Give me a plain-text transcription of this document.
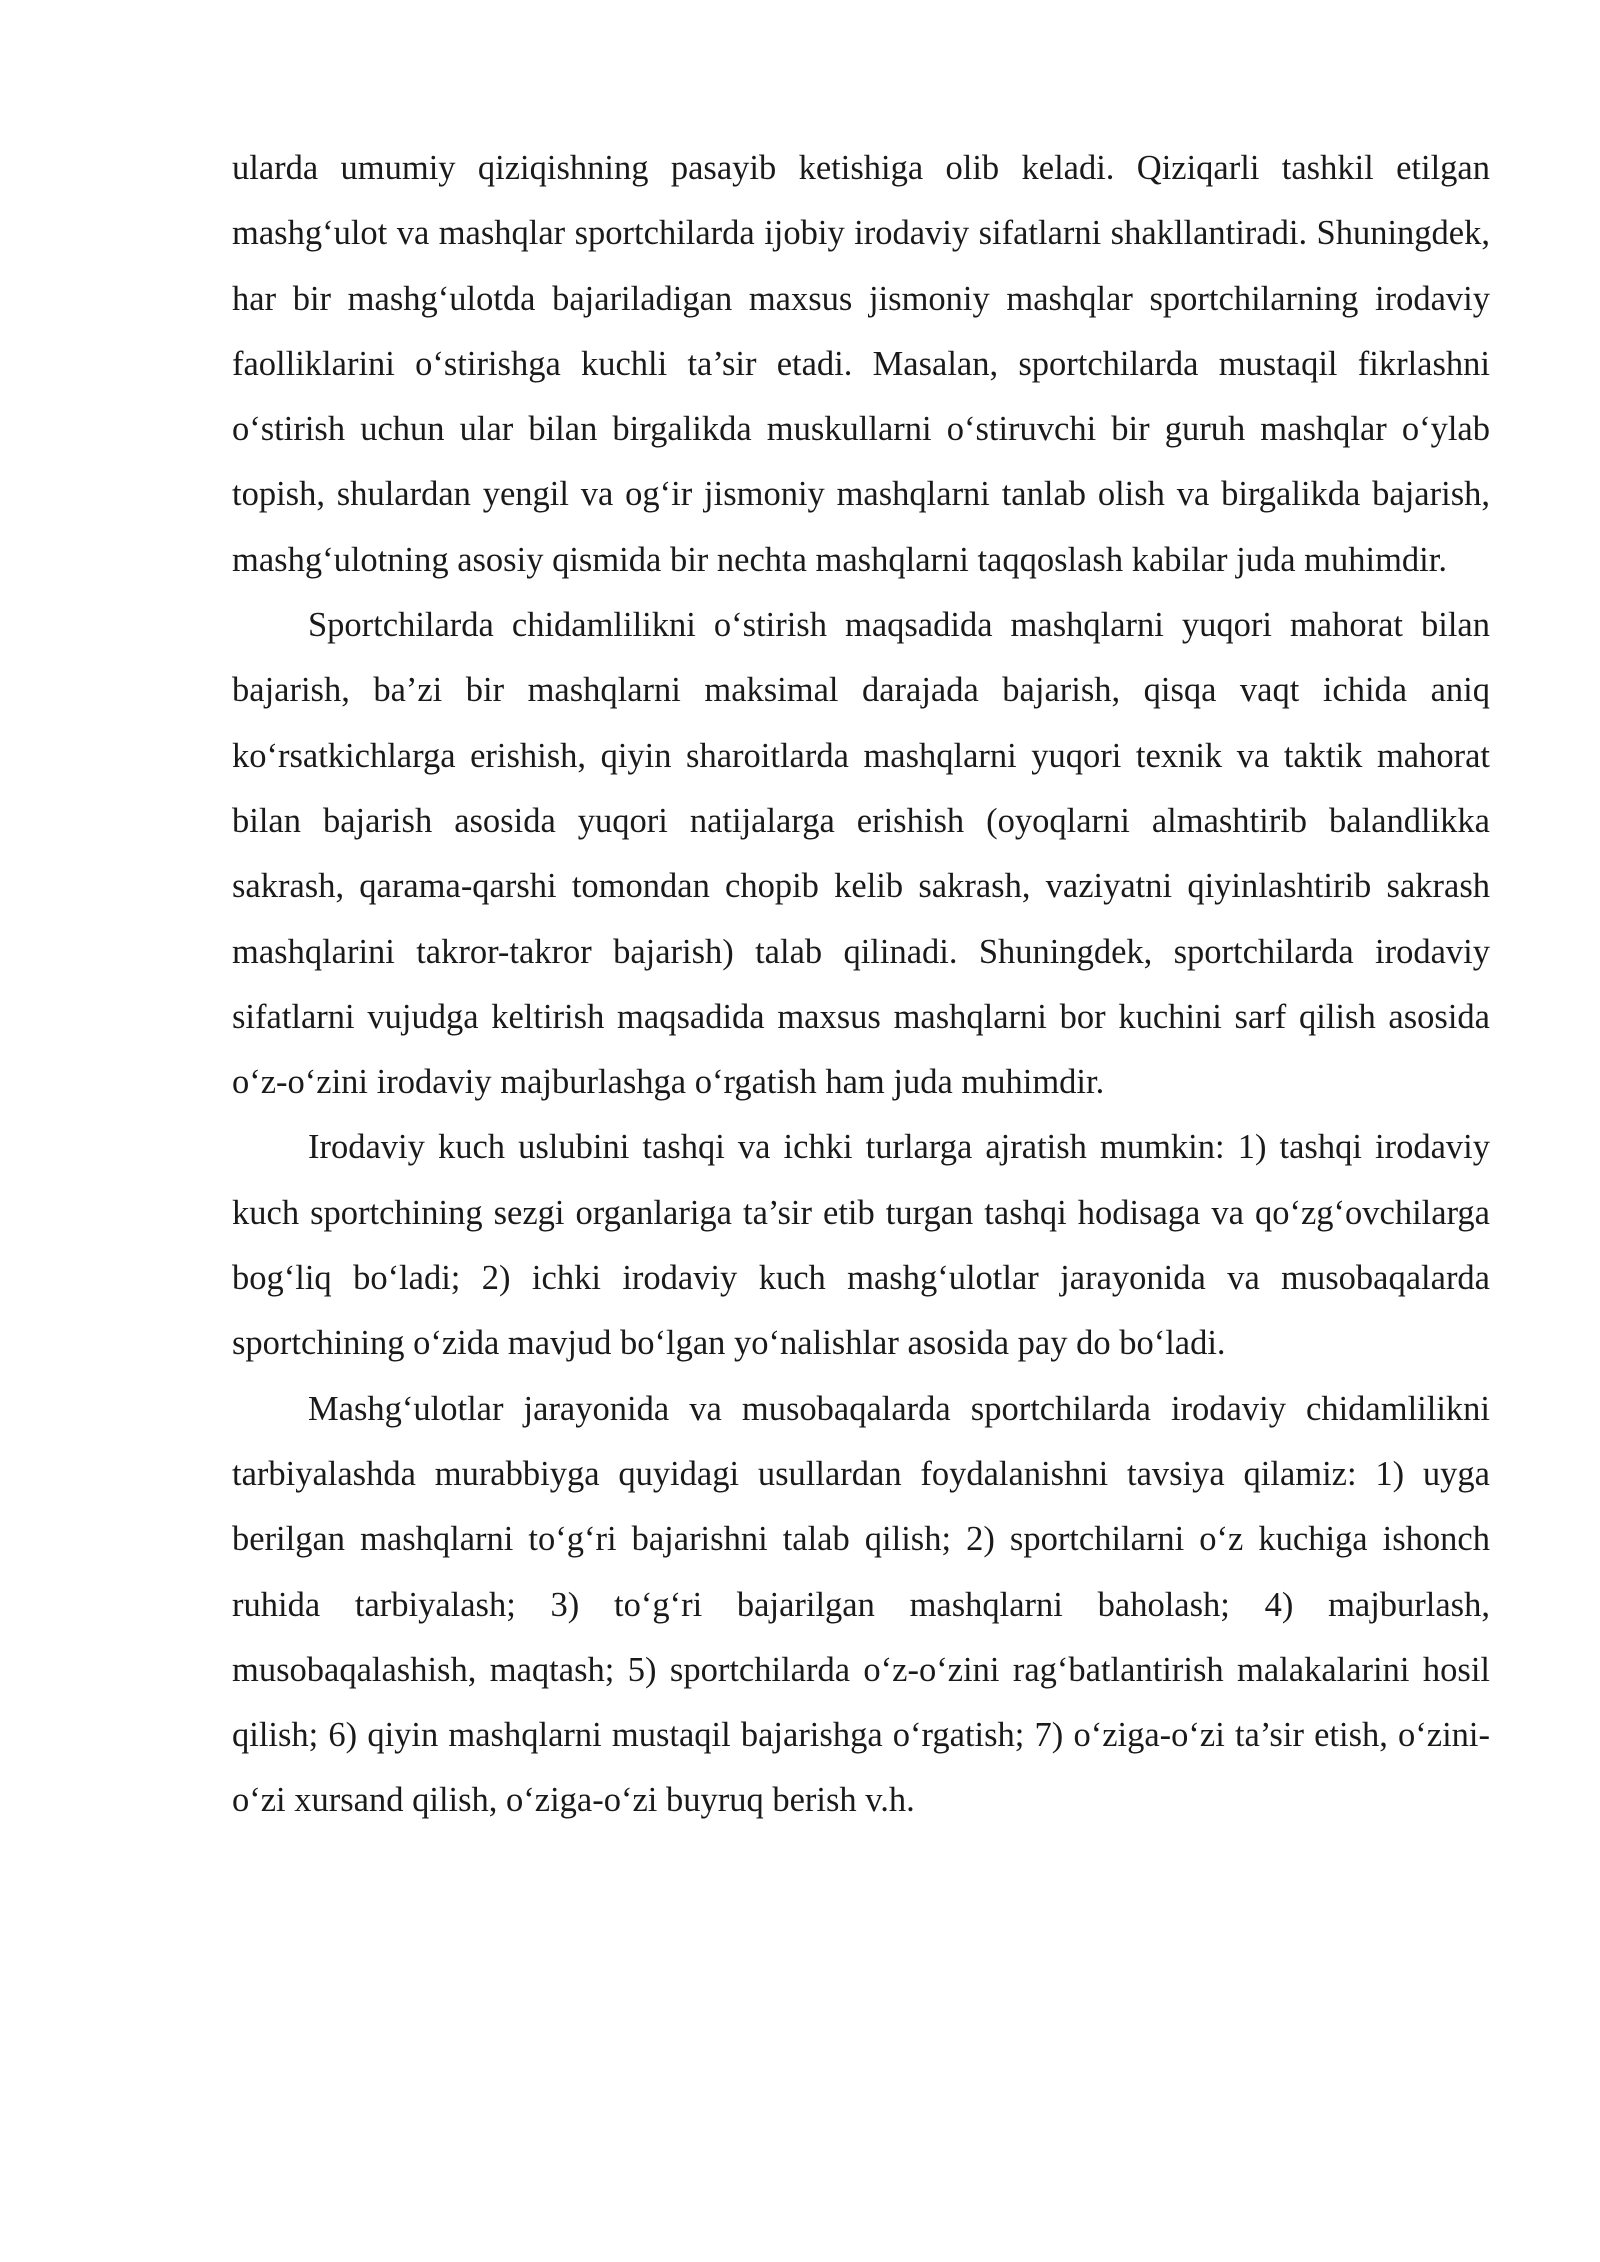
ularda umumiy qiziqishning pasayib ketishiga olib keladi. Qiziqarli tashkil etilgan mashg‘ulot va mashqlar sportchilarda ijobiy irodaviy sifatlarni shakllantiradi. Shuningdek, har bir mashg‘ulotda bajariladigan maxsus jismoniy mashqlar sportchilarning irodaviy faolliklarini o‘stirishga kuchli ta’sir etadi. Masalan, sportchilarda mustaqil fikrlashni o‘stirish uchun ular bilan birgalikda muskullarni o‘stiruvchi bir guruh mashqlar o‘ylab topish, shulardan yengil va og‘ir jismoniy mashqlarni tanlab olish va birgalikda bajarish, mashg‘ulotning asosiy qismida bir nechta mashqlarni taqqoslash kabilar juda muhimdir.

Sportchilarda chidamlilikni o‘stirish maqsadida mashqlarni yuqori mahorat bilan bajarish, ba’zi bir mashqlarni maksimal darajada bajarish, qisqa vaqt ichida aniq ko‘rsatkichlarga erishish, qiyin sharoitlarda mashqlarni yuqori texnik va taktik mahorat bilan bajarish asosida yuqori natijalarga erishish (oyoqlarni almashtirib balandlikka sakrash, qarama-qarshi tomondan chopib kelib sakrash, vaziyatni qiyinlashtirib sakrash mashqlarini takror-takror bajarish) talab qilinadi. Shuningdek, sportchilarda irodaviy sifatlarni vujudga keltirish maqsadida maxsus mashqlarni bor kuchini sarf qilish asosida o‘z-o‘zini irodaviy majburlashga o‘rgatish ham juda muhimdir.

Irodaviy kuch uslubini tashqi va ichki turlarga ajratish mumkin: 1) tashqi irodaviy kuch sportchining sezgi organlariga ta’sir etib turgan tashqi hodisaga va qo‘zg‘ovchilarga bog‘liq bo‘ladi; 2) ichki irodaviy kuch mashg‘ulotlar jarayonida va musobaqalarda sportchining o‘zida mavjud bo‘lgan yo‘nalishlar asosida pay do bo‘ladi.

Mashg‘ulotlar jarayonida va musobaqalarda sportchilarda irodaviy chidamlilikni tarbiyalashda murabbiyga quyidagi usullardan foydalanishni tavsiya qilamiz: 1) uyga berilgan mashqlarni to‘g‘ri bajarishni talab qilish; 2) sportchilarni o‘z kuchiga ishonch ruhida tarbiyalash; 3) to‘g‘ri bajarilgan mashqlarni baholash; 4) majburlash, musobaqalashish, maqtash; 5) sportchilarda o‘z-o‘zini rag‘batlantirish malakalarini hosil qilish; 6) qiyin mashqlarni mustaqil bajarishga o‘rgatish; 7) o‘ziga-o‘zi ta’sir etish, o‘zini-o‘zi xursand qilish, o‘ziga-o‘zi buyruq berish v.h.
